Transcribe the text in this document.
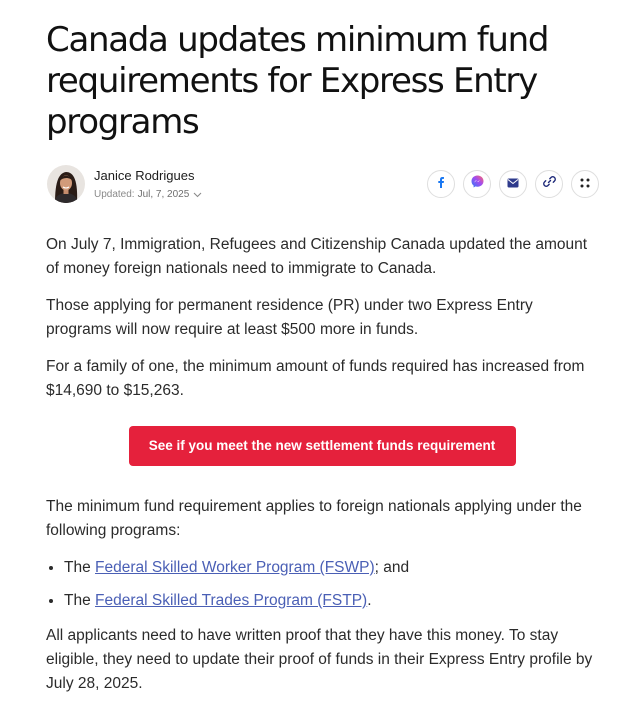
Canada updates minimum fund requirements for Express Entry programs
Janice Rodrigues
Updated: Jul, 7, 2025

On July 7, Immigration, Refugees and Citizenship Canada updated the amount of money foreign nationals need to immigrate to Canada.

Those applying for permanent residence (PR) under two Express Entry programs will now require at least $500 more in funds.

For a family of one, the minimum amount of funds required has increased from $14,690 to $15,263.

See if you meet the new settlement funds requirement

The minimum fund requirement applies to foreign nationals applying under the following programs:

• The Federal Skilled Worker Program (FSWP); and
• The Federal Skilled Trades Program (FSTP).

All applicants need to have written proof that they have this money. To stay eligible, they need to update their proof of funds in their Express Entry profile by July 28, 2025.
